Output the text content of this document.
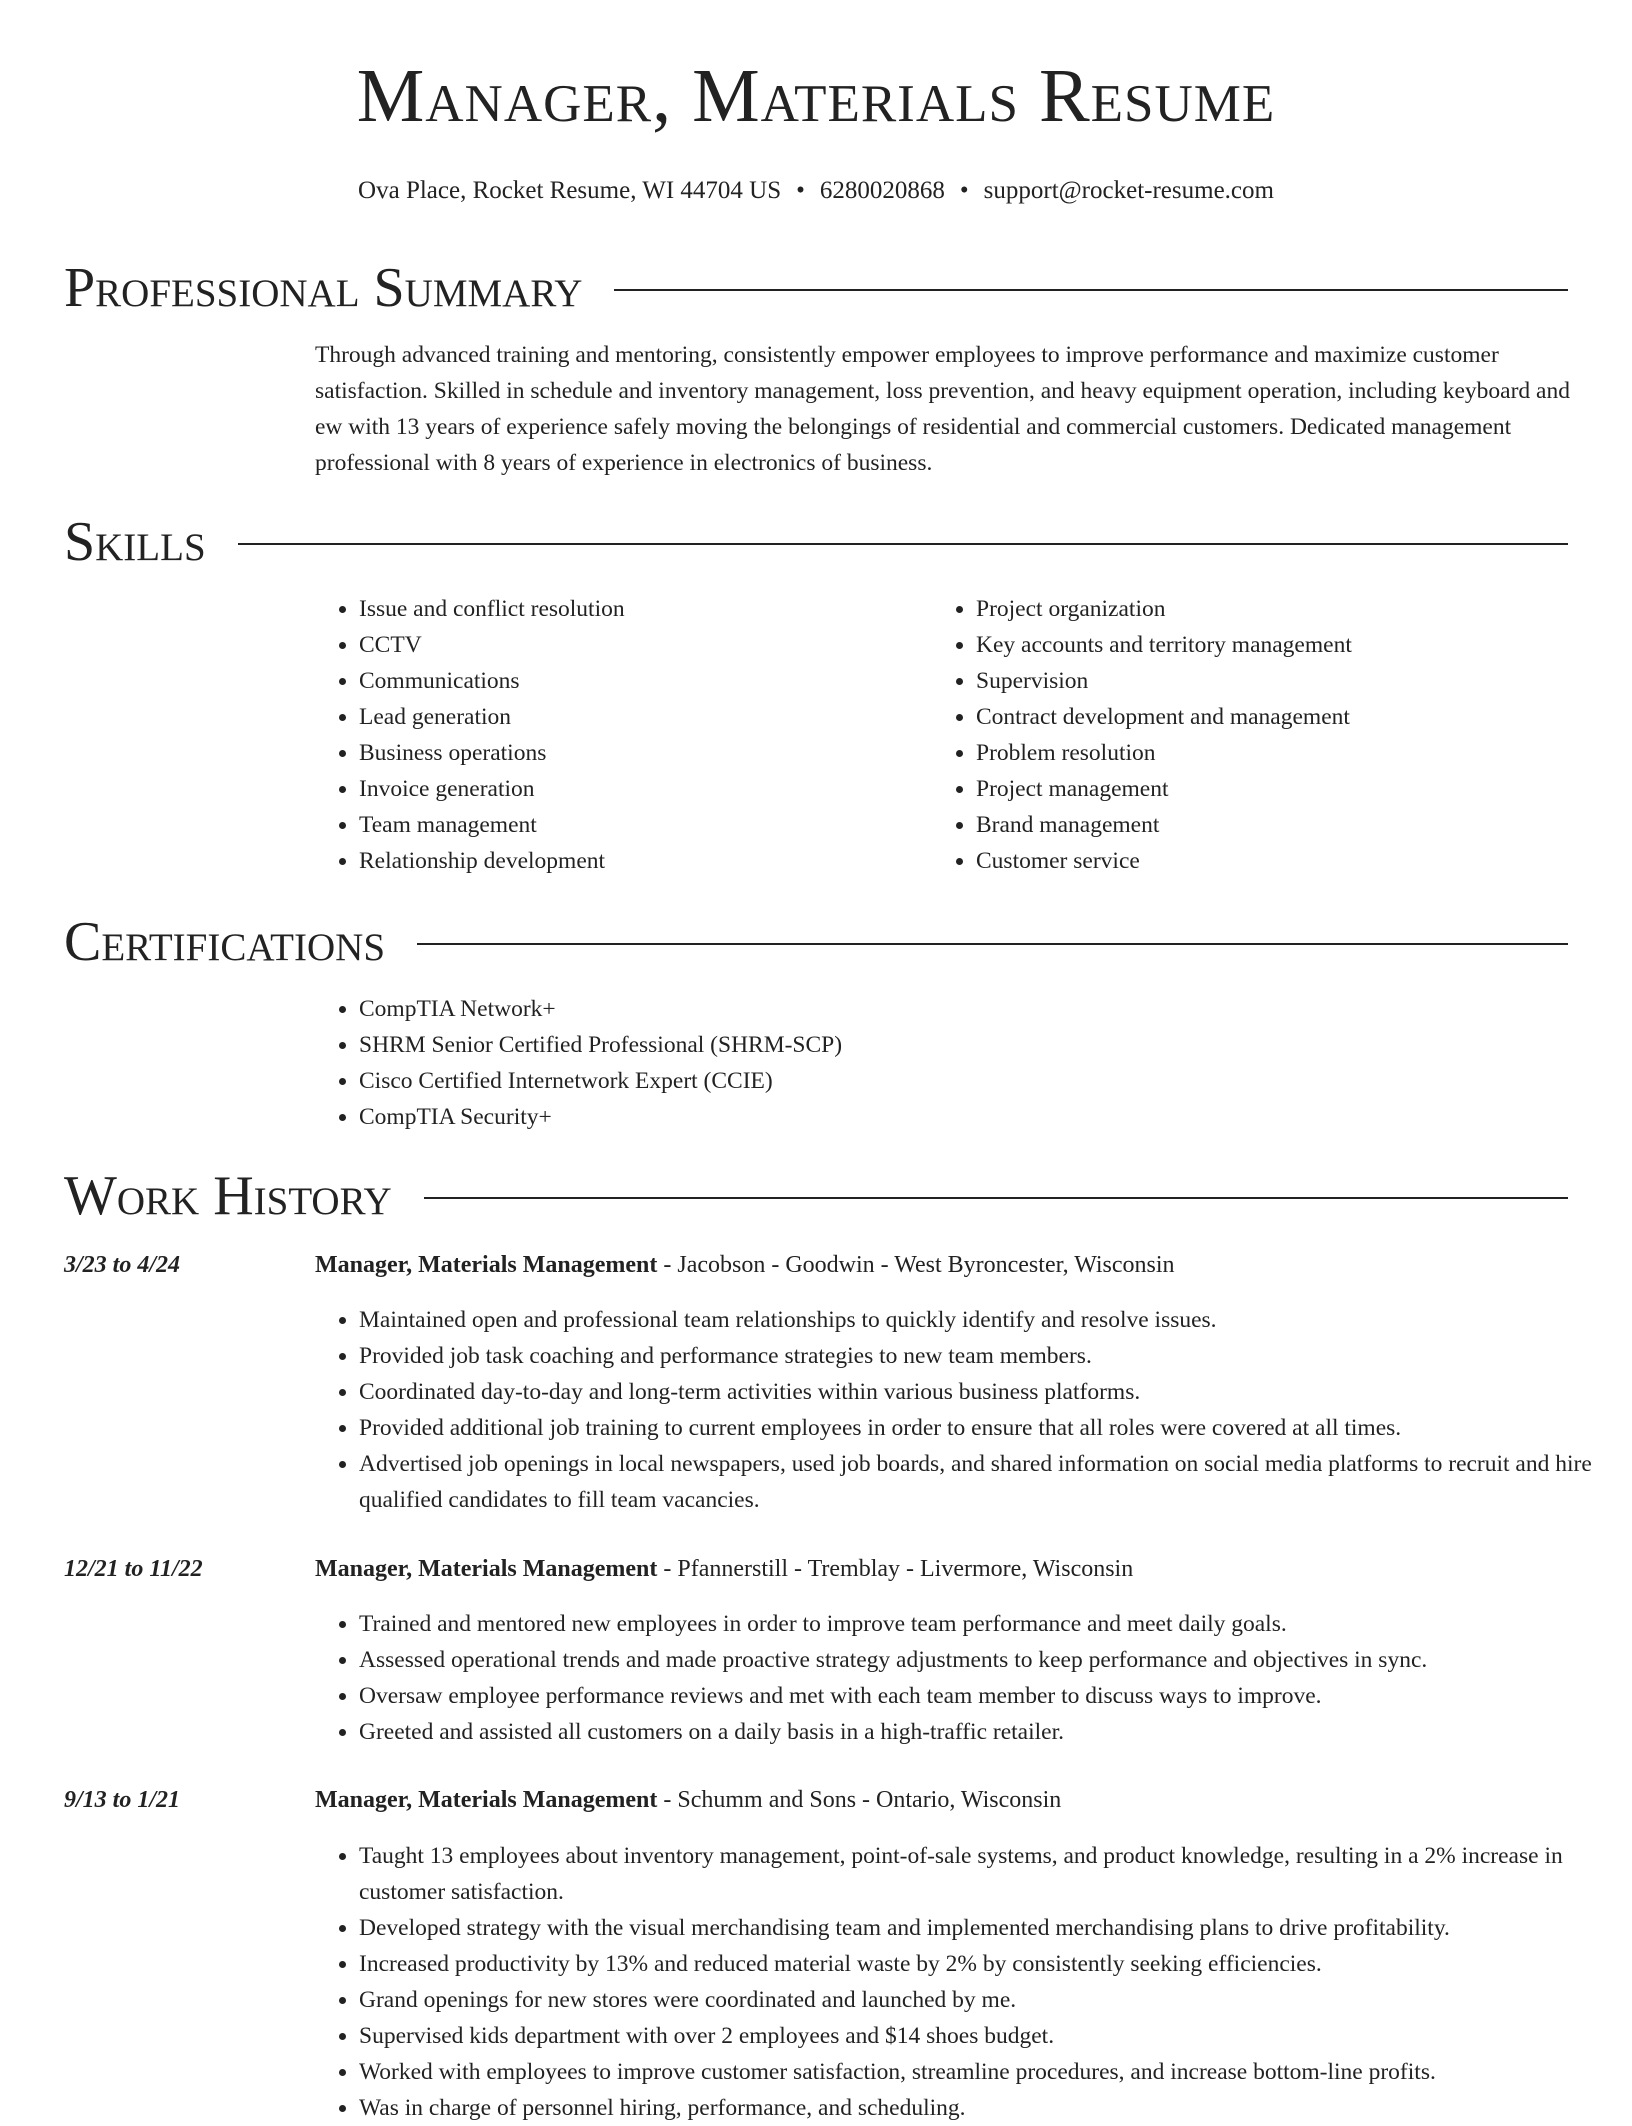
Manager, Materials Resume
Ova Place, Rocket Resume, WI 44704 US • 6280020868 • support@rocket-resume.com
Professional Summary

Through advanced training and mentoring, consistently empower employees to improve performance and maximize customer satisfaction. Skilled in schedule and inventory management, loss prevention, and heavy equipment operation, including keyboard and ew with 13 years of experience safely moving the belongings of residential and commercial customers. Dedicated management professional with 8 years of experience in electronics of business.

Skills
• Issue and conflict resolution
• CCTV
• Communications
• Lead generation
• Business operations
• Invoice generation
• Team management
• Relationship development
• Project organization
• Key accounts and territory management
• Supervision
• Contract development and management
• Problem resolution
• Project management
• Brand management
• Customer service
Certifications
• CompTIA Network+
• SHRM Senior Certified Professional (SHRM-SCP)
• Cisco Certified Internetwork Expert (CCIE)
• CompTIA Security+
Work History
3/23 to 4/24	Manager, Materials Management - Jacobson - Goodwin - West Byroncester, Wisconsin
• Maintained open and professional team relationships to quickly identify and resolve issues.
• Provided job task coaching and performance strategies to new team members.
• Coordinated day-to-day and long-term activities within various business platforms.
• Provided additional job training to current employees in order to ensure that all roles were covered at all times.
• Advertised job openings in local newspapers, used job boards, and shared information on social media platforms to recruit and hire qualified candidates to fill team vacancies.
12/21 to 11/22	Manager, Materials Management - Pfannerstill - Tremblay - Livermore, Wisconsin
• Trained and mentored new employees in order to improve team performance and meet daily goals.
• Assessed operational trends and made proactive strategy adjustments to keep performance and objectives in sync.
• Oversaw employee performance reviews and met with each team member to discuss ways to improve.
• Greeted and assisted all customers on a daily basis in a high-traffic retailer.
9/13 to 1/21	Manager, Materials Management - Schumm and Sons - Ontario, Wisconsin
• Taught 13 employees about inventory management, point-of-sale systems, and product knowledge, resulting in a 2% increase in customer satisfaction.
• Developed strategy with the visual merchandising team and implemented merchandising plans to drive profitability.
• Increased productivity by 13% and reduced material waste by 2% by consistently seeking efficiencies.
• Grand openings for new stores were coordinated and launched by me.
• Supervised kids department with over 2 employees and $14 shoes budget.
• Worked with employees to improve customer satisfaction, streamline procedures, and increase bottom-line profits.
• Was in charge of personnel hiring, performance, and scheduling.
